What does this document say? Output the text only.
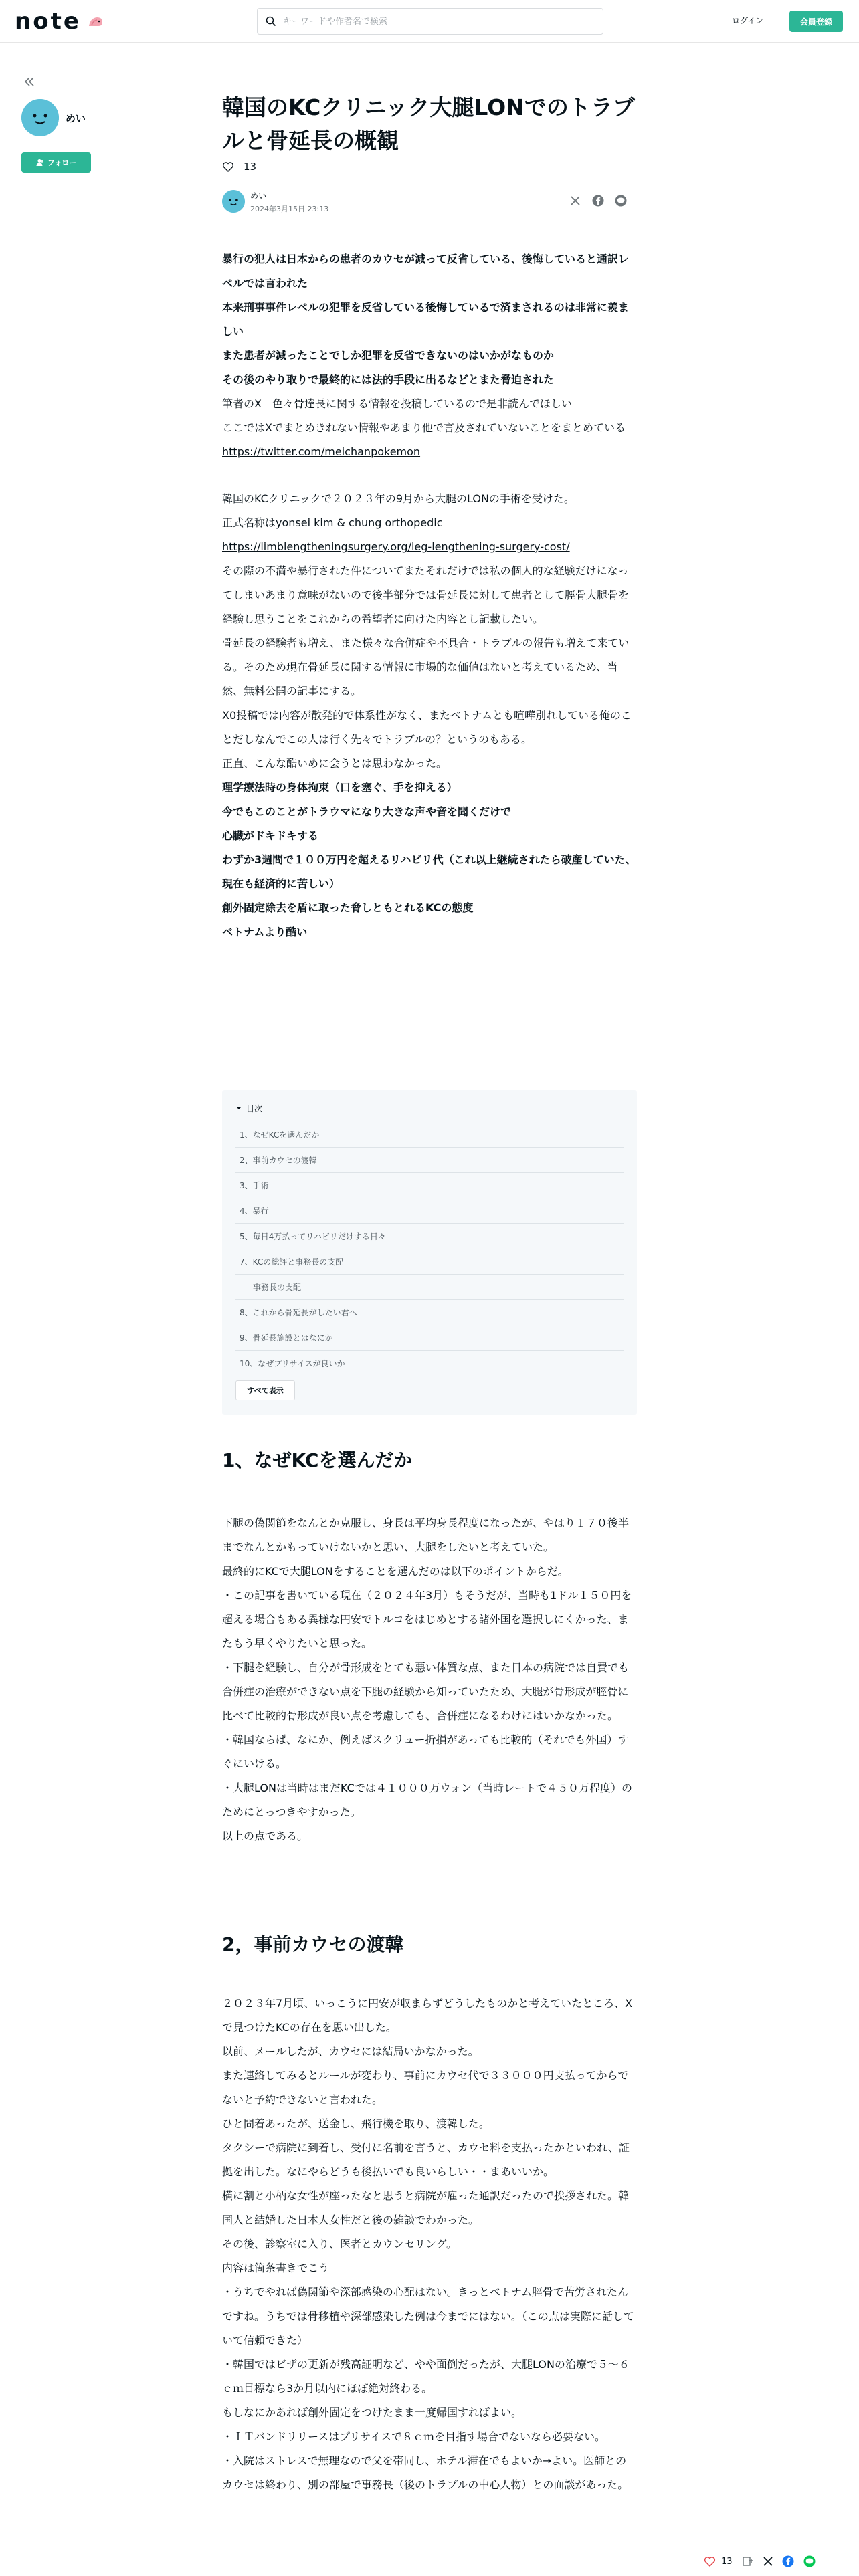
note
キーワードや作者名で検索	ログイン	会員登録
めい
フォロー
韓国のKCクリニック大腿LONでのトラブルと骨延長の概観
13
めい
2024年3月15日 23:13

暴行の犯人は日本からの患者のカウセが減って反省している、後悔していると通訳レベルでは言われた

本来刑事事件レベルの犯罪を反省している後悔しているで済まされるのは非常に羨ましい

また患者が減ったことでしか犯罪を反省できないのはいかがなものか

その後のやり取りで最終的には法的手段に出るなどとまた脅迫された

筆者のX　色々骨達長に関する情報を投稿しているので是非読んでほしい

ここではXでまとめきれない情報やあまり他で言及されていないことをまとめている　https://twitter.com/meichanpokemon

韓国のKCクリニックで２０２３年の9月から大腿のLONの手術を受けた。

正式名称はyonsei kim & chung orthopedic

https://limblengtheningsurgery.org/leg-lengthening-surgery-cost/

その際の不満や暴行された件についてまたそれだけでは私の個人的な経験だけになってしまいあまり意味がないので後半部分では骨延長に対して患者として脛骨大腿骨を経験し思うことをこれからの希望者に向けた内容とし記載したい。

骨延長の経験者も増え、また様々な合併症や不具合・トラブルの報告も増えて来ている。そのため現在骨延長に関する情報に市場的な価値はないと考えているため、当然、無料公開の記事にする。

X0投稿では内容が散発的で体系性がなく、またベトナムとも喧嘩別れしている俺のことだしなんでこの人は行く先々でトラブルの？というのもある。

正直、こんな酷いめに会うとは思わなかった。

理学療法時の身体拘束（口を塞ぐ、手を抑える）

今でもこのことがトラウマになり大きな声や音を聞くだけで

心臓がドキドキする

わずか3週間で１００万円を超えるリハビリ代（これ以上継続されたら破産していた、現在も経済的に苦しい）

創外固定除去を盾に取った脅しともとれるKCの態度

ベトナムより酷い

目次
1、なぜKCを選んだか
2、事前カウセの渡韓
3、手術
4、暴行
5、毎日4万払ってリハビリだけする日々
7、KCの総評と事務長の支配
事務長の支配
8、これから骨延長がしたい君へ
9、骨延長施設とはなにか
10、なぜプリサイスが良いか
すべて表示
1、なぜKCを選んだか

下腿の偽関節をなんとか克服し、身長は平均身長程度になったが、やはり１７０後半までなんとかもっていけないかと思い、大腿をしたいと考えていた。

最終的にKCで大腿LONをすることを選んだのは以下のポイントからだ。

・この記事を書いている現在（２０２４年3月）もそうだが、当時も1ドル１５０円を超える場合もある異様な円安でトルコをはじめとする諸外国を選択しにくかった、またもう早くやりたいと思った。

・下腿を経験し、自分が骨形成をとても悪い体質な点、また日本の病院では自費でも合併症の治療ができない点を下腿の経験から知っていたため、大腿が骨形成が脛骨に比べて比較的骨形成が良い点を考慮しても、合併症になるわけにはいかなかった。

・韓国ならば、なにか、例えばスクリュー折損があっても比較的（それでも外国）すぐにいける。

・大腿LONは当時はまだKCでは４１０００万ウォン（当時レートで４５０万程度）のためにとっつきやすかった。

以上の点である。

2，事前カウセの渡韓

２０２３年7月頃、いっこうに円安が収まらずどうしたものかと考えていたところ、Xで見つけたKCの存在を思い出した。

以前、メールしたが、カウセには結局いかなかった。

また連絡してみるとルールが変わり、事前にカウセ代で３３０００円支払ってからでないと予約できないと言われた。

ひと問着あったが、送金し、飛行機を取り、渡韓した。

タクシーで病院に到着し、受付に名前を言うと、カウセ料を支払ったかといわれ、証拠を出した。なにやらどうも後払いでも良いらしい・・まあいいか。

横に割と小柄な女性が座ったなと思うと病院が雇った通訳だったので挨拶された。韓国人と結婚した日本人女性だと後の雑談でわかった。

その後、診察室に入り、医者とカウンセリング。

内容は箇条書きでこう

・うちでやれば偽関節や深部感染の心配はない。きっとベトナム脛骨で苦労されたんですね。うちでは骨移植や深部感染した例は今までにはない。（この点は実際に話していて信頼できた）

・韓国ではビザの更新が残高証明など、やや面倒だったが、大腿LONの治療で５～６ｃｍ目標なら3か月以内にほぼ絶対終わる。

もしなにかあれば創外固定をつけたまま一度帰国すればよい。

・ＩＴバンドリリースはプリサイスで８ｃｍを目指す場合でないなら必要ない。

・入院はストレスで無理なので父を帯同し、ホテル滞在でもよいか→よい。医師とのカウセは終わり、別の部屋で事務長（後のトラブルの中心人物）との面談があった。

13
